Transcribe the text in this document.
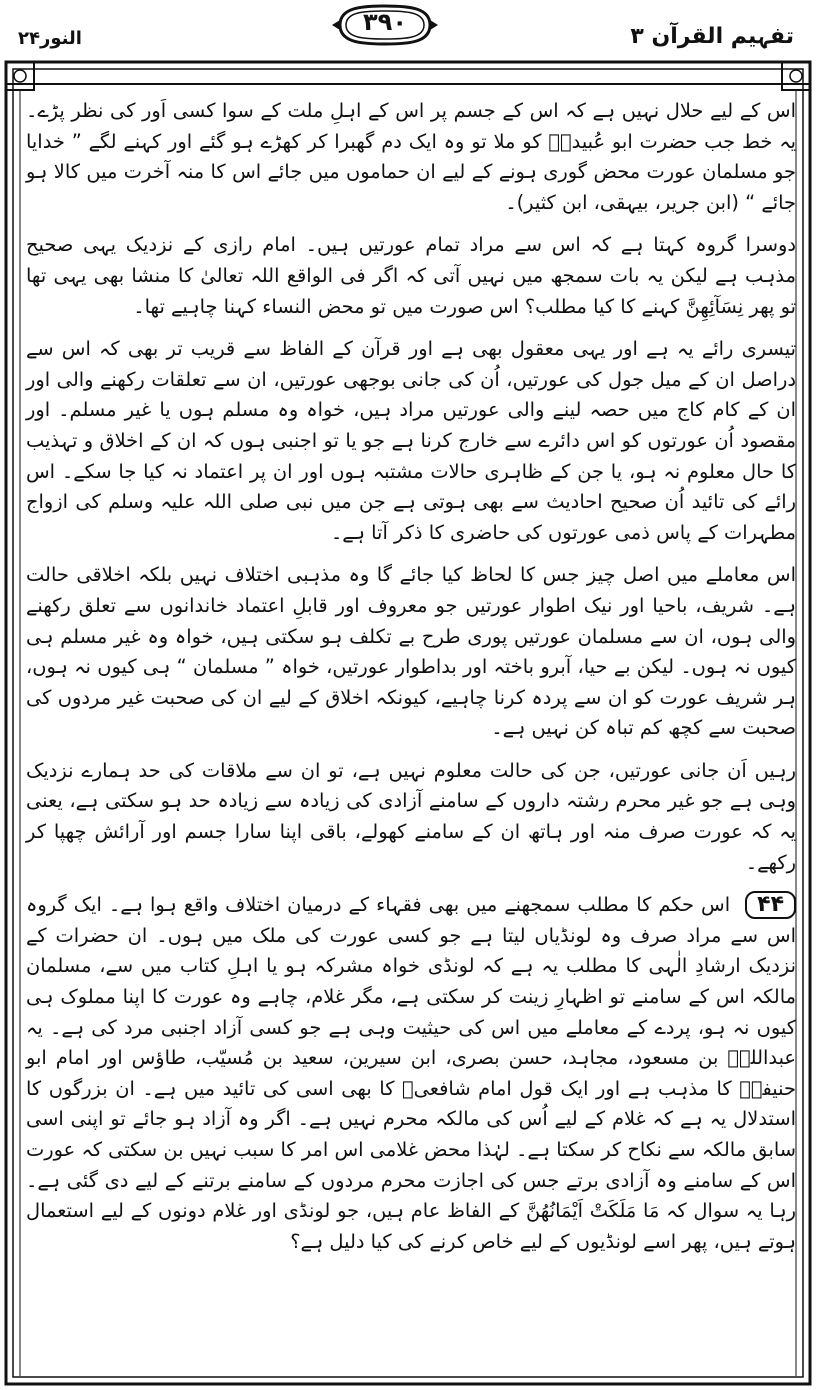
النور۲۴
۳۹۰
تفہیم القرآن ۳

اس کے لیے حلال نہیں ہے کہ اس کے جسم پر اس کے اہلِ ملت کے سوا کسی اَور کی نظر پڑے۔ یہ خط جب حضرت ابو عُبیدہؓ کو ملا تو وہ ایک دم گھبرا کر کھڑے ہو گئے اور کہنے لگے ” خدایا جو مسلمان عورت محض گوری ہونے کے لیے ان حماموں میں جائے اس کا منہ آخرت میں کالا ہو جائے “ (ابن جریر، بیہقی، ابن کثیر)۔

دوسرا گروہ کہتا ہے کہ اس سے مراد تمام عورتیں ہیں۔ امام رازی کے نزدیک یہی صحیح مذہب ہے لیکن یہ بات سمجھ میں نہیں آتی کہ اگر فی الواقع اللہ تعالیٰ کا منشا بھی یہی تھا تو پھر نِسَآئِهِنَّ کہنے کا کیا مطلب؟ اس صورت میں تو محض النساء کہنا چاہیے تھا۔

تیسری رائے یہ ہے اور یہی معقول بھی ہے اور قرآن کے الفاظ سے قریب تر بھی کہ اس سے دراصل ان کے میل جول کی عورتیں، اُن کی جانی بوجھی عورتیں، ان سے تعلقات رکھنے والی اور ان کے کام کاج میں حصہ لینے والی عورتیں مراد ہیں، خواہ وہ مسلم ہوں یا غیر مسلم۔ اور مقصود اُن عورتوں کو اس دائرے سے خارج کرنا ہے جو یا تو اجنبی ہوں کہ ان کے اخلاق و تہذیب کا حال معلوم نہ ہو، یا جن کے ظاہری حالات مشتبہ ہوں اور ان پر اعتماد نہ کیا جا سکے۔ اس رائے کی تائید اُن صحیح احادیث سے بھی ہوتی ہے جن میں نبی صلی اللہ علیہ وسلم کی ازواج مطہرات کے پاس ذمی عورتوں کی حاضری کا ذکر آتا ہے۔

اس معاملے میں اصل چیز جس کا لحاظ کیا جائے گا وہ مذہبی اختلاف نہیں بلکہ اخلاقی حالت ہے۔ شریف، باحیا اور نیک اطوار عورتیں جو معروف اور قابلِ اعتماد خاندانوں سے تعلق رکھنے والی ہوں، ان سے مسلمان عورتیں پوری طرح بے تکلف ہو سکتی ہیں، خواہ وہ غیر مسلم ہی کیوں نہ ہوں۔ لیکن بے حیا، آبرو باختہ اور بداطوار عورتیں، خواہ ” مسلمان “ ہی کیوں نہ ہوں، ہر شریف عورت کو ان سے پردہ کرنا چاہیے، کیونکہ اخلاق کے لیے ان کی صحبت غیر مردوں کی صحبت سے کچھ کم تباہ کن نہیں ہے۔

رہیں اَن جانی عورتیں، جن کی حالت معلوم نہیں ہے، تو ان سے ملاقات کی حد ہمارے نزدیک وہی ہے جو غیر محرم رشتہ داروں کے سامنے آزادی کی زیادہ سے زیادہ حد ہو سکتی ہے، یعنی یہ کہ عورت صرف منہ اور ہاتھ ان کے سامنے کھولے، باقی اپنا سارا جسم اور آرائش چھپا کر رکھے۔

۴۴ اس حکم کا مطلب سمجھنے میں بھی فقہاء کے درمیان اختلاف واقع ہوا ہے۔ ایک گروہ اس سے مراد صرف وہ لونڈیاں لیتا ہے جو کسی عورت کی ملک میں ہوں۔ ان حضرات کے نزدیک ارشادِ الٰہی کا مطلب یہ ہے کہ لونڈی خواہ مشرکہ ہو یا اہلِ کتاب میں سے، مسلمان مالکہ اس کے سامنے تو اظہارِ زینت کر سکتی ہے، مگر غلام، چاہے وہ عورت کا اپنا مملوک ہی کیوں نہ ہو، پردے کے معاملے میں اس کی حیثیت وہی ہے جو کسی آزاد اجنبی مرد کی ہے۔ یہ عبداللہؓ بن مسعود، مجاہد، حسن بصری، ابن سیرین، سعید بن مُسیّب، طاؤس اور امام ابو حنیفہؒ کا مذہب ہے اور ایک قول امام شافعیؒ کا بھی اسی کی تائید میں ہے۔ ان بزرگوں کا استدلال یہ ہے کہ غلام کے لیے اُس کی مالکہ محرم نہیں ہے۔ اگر وہ آزاد ہو جائے تو اپنی اسی سابق مالکہ سے نکاح کر سکتا ہے۔ لہٰذا محض غلامی اس امر کا سبب نہیں بن سکتی کہ عورت اس کے سامنے وہ آزادی برتے جس کی اجازت محرم مردوں کے سامنے برتنے کے لیے دی گئی ہے۔ رہا یہ سوال کہ مَا مَلَكَتْ اَيْمَانُهُنَّ کے الفاظ عام ہیں، جو لونڈی اور غلام دونوں کے لیے استعمال ہوتے ہیں، پھر اسے لونڈیوں کے لیے خاص کرنے کی کیا دلیل ہے؟
